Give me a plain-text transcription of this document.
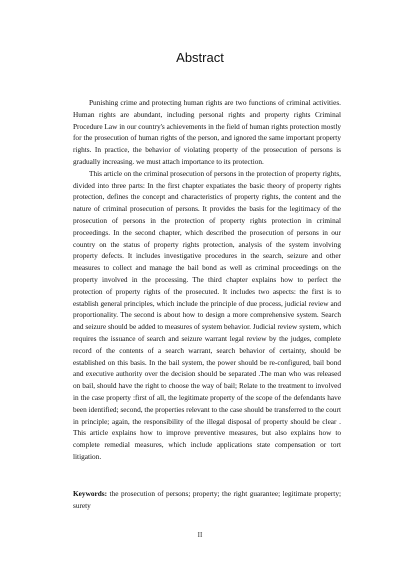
Abstract

Punishing crime and protecting human rights are two functions of criminal activities. Human rights are abundant, including personal rights and property rights Criminal Procedure Law in our country's achievements in the field of human rights protection mostly for the prosecution of human rights of the person, and ignored the same important property rights. In practice, the behavior of violating property of the prosecution of persons is gradually increasing. we must attach importance to its protection.

This article on the criminal prosecution of persons in the protection of property rights, divided into three parts: In the first chapter expatiates the basic theory of property rights protection, defines the concept and characteristics of property rights, the content and the nature of criminal prosecution of persons. It provides the basis for the legitimacy of the prosecution of persons in the protection of property rights protection in criminal proceedings. In the second chapter, which described the prosecution of persons in our country on the status of property rights protection, analysis of the system involving property defects. It includes investigative procedures in the search, seizure and other measures to collect and manage the bail bond as well as criminal proceedings on the property involved in the processing. The third chapter explains how to perfect the protection of property rights of the prosecuted. It includes two aspects: the first is to establish general principles, which include the principle of due process, judicial review and proportionality. The second is about how to design a more comprehensive system. Search and seizure should be added to measures of system behavior. Judicial review system, which requires the issuance of search and seizure warrant legal review by the judges, complete record of the contents of a search warrant, search behavior of certainty, should be established on this basis. In the bail system, the power should be re-configured, bail bond and executive authority over the decision should be separated .The man who was released on bail, should have the right to choose the way of bail; Relate to the treatment to involved in the case property :first of all, the legitimate property of the scope of the defendants have been identified; second, the properties relevant to the case should be transferred to the court in principle; again, the responsibility of the illegal disposal of property should be clear . This article explains how to improve preventive measures, but also explains how to complete remedial measures, which include applications state compensation or tort litigation.

Keywords: the prosecution of persons; property; the right guarantee; legitimate property; surety

II
